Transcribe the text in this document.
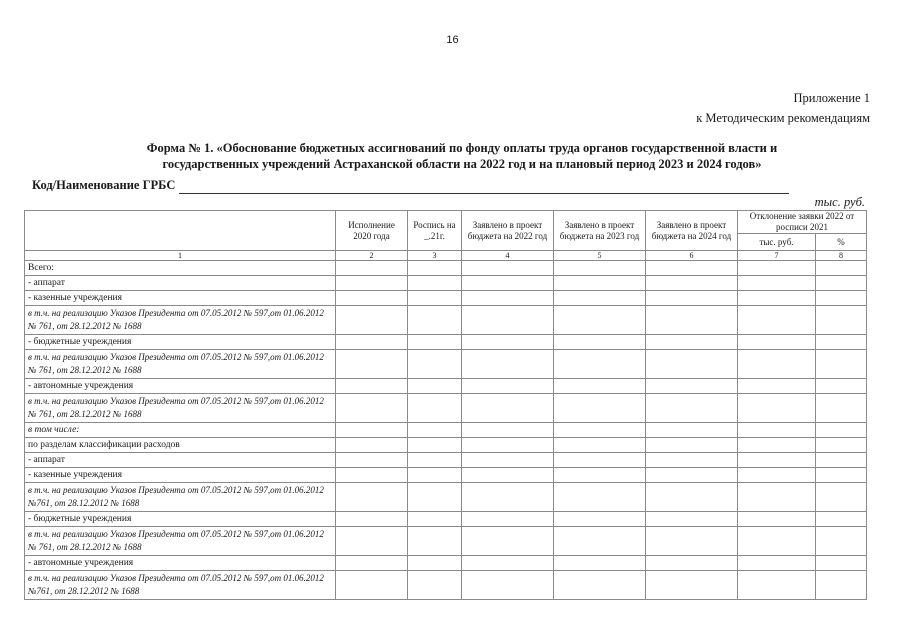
16
Приложение 1
к Методическим рекомендациям
Форма № 1. «Обоснование бюджетных ассигнований по фонду оплаты труда органов государственной власти и
государственных учреждений Астраханской области на 2022 год и на плановый период 2023 и 2024 годов»
Код/Наименование ГРБС
тыс. руб.
	Исполнение 2020 года	Роспись на _.21г.	Заявлено в проект бюджета на 2022 год	Заявлено в проект бюджета на 2023 год	Заявлено в проект бюджета на 2024 год	Отклонение заявки 2022 от росписи 2021	
						тыс. руб.	%
1	2	3	4	5	6	7	8
Всего:							
- аппарат							
- казенные учреждения							
в т.ч. на реализацию Указов Президента от 07.05.2012 № 597,от 01.06.2012 № 761, от 28.12.2012 № 1688							
- бюджетные учреждения							
в т.ч. на реализацию Указов Президента от 07.05.2012 № 597,от 01.06.2012 № 761, от 28.12.2012 № 1688							
- автономные учреждения							
в т.ч. на реализацию Указов Президента от 07.05.2012 № 597,от 01.06.2012 № 761, от 28.12.2012 № 1688							
в том числе:							
по разделам классификации расходов							
- аппарат							
- казенные учреждения							
в т.ч. на реализацию Указов Президента от 07.05.2012 № 597,от 01.06.2012 №761, от 28.12.2012 № 1688							
- бюджетные учреждения							
в т.ч. на реализацию Указов Президента от 07.05.2012 № 597,от 01.06.2012 № 761, от 28.12.2012 № 1688							
- автономные учреждения							
в т.ч. на реализацию Указов Президента от 07.05.2012 № 597,от 01.06.2012 №761, от 28.12.2012 № 1688							
